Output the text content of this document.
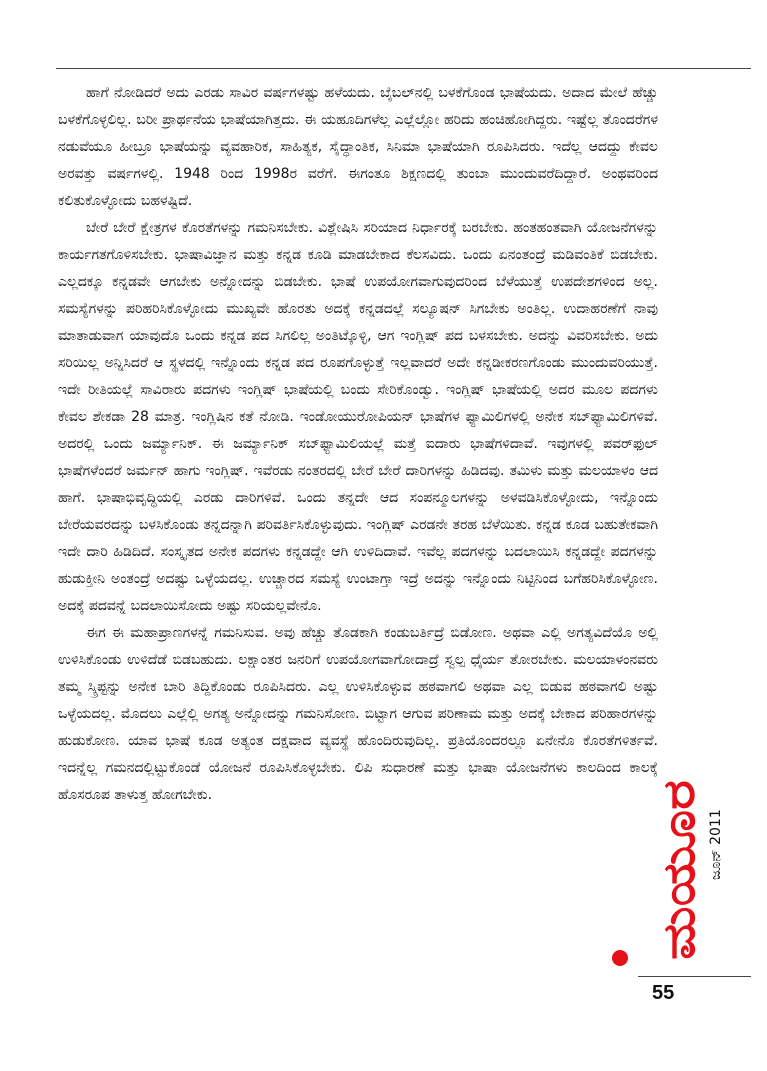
ಹಾಗೆ ನೋಡಿದರೆ ಅದು ಎರಡು ಸಾವಿರ ವರ್ಷಗಳಷ್ಟು ಹಳೆಯದು. ಬೈಬಲ್‌ನಲ್ಲಿ ಬಳಕೆಗೊಂಡ ಭಾಷೆಯದು. ಅದಾದ ಮೇಲೆ ಹೆಚ್ಚು ಬಳಕೆಗೊಳ್ಳಲಿಲ್ಲ. ಬರೀ ಪ್ರಾರ್ಥನೆಯ ಭಾಷೆಯಾಗಿತ್ತದು. ಈ ಯಹೂದಿಗಳೆಲ್ಲ ಎಲ್ಲೆಲ್ಲೋ ಹರಿದು ಹಂಚಿಹೋಗಿದ್ದರು. ಇಷ್ಟೆಲ್ಲ ತೊಂದರೆಗಳ ನಡುವೆಯೂ ಹೀಬ್ರೂ ಭಾಷೆಯನ್ನು ವ್ಯವಹಾರಿಕ, ಸಾಹಿತ್ಯಕ, ಸೈದ್ಧಾಂತಿಕ, ಸಿನಿಮಾ ಭಾಷೆಯಾಗಿ ರೂಪಿಸಿದರು. ಇದೆಲ್ಲ ಆದದ್ದು ಕೇವಲ ಅರವತ್ತು ವರ್ಷಗಳಲ್ಲಿ. 1948 ರಿಂದ 1998ರ ವರೆಗೆ. ಈಗಂತೂ ಶಿಕ್ಷಣದಲ್ಲಿ ತುಂಬಾ ಮುಂದುವರೆದಿದ್ದಾರೆ. ಅಂಥವರಿಂದ ಕಲಿತುಕೊಳ್ಳೋದು ಬಹಳಷ್ಟಿದೆ.

ಬೇರೆ ಬೇರೆ ಕ್ಷೇತ್ರಗಳ ಕೊರತೆಗಳನ್ನು ಗಮನಿಸಬೇಕು. ವಿಶ್ಲೇಷಿಸಿ ಸರಿಯಾದ ನಿರ್ಧಾರಕ್ಕೆ ಬರಬೇಕು. ಹಂತಹಂತವಾಗಿ ಯೋಜನೆಗಳನ್ನು ಕಾರ್ಯಗತಗೊಳಿಸಬೇಕು. ಭಾಷಾವಿಜ್ಞಾನ ಮತ್ತು ಕನ್ನಡ ಕೂಡಿ ಮಾಡಬೇಕಾದ ಕೆಲಸವಿದು. ಒಂದು ಏನಂತಂದ್ರೆ ಮಡಿವಂತಿಕೆ ಬಿಡಬೇಕು. ಎಲ್ಲದಕ್ಕೂ ಕನ್ನಡವೇ ಆಗಬೇಕು ಅನ್ನೋದನ್ನು ಬಿಡಬೇಕು. ಭಾಷೆ ಉಪಯೋಗವಾಗುವುದರಿಂದ ಬೆಳೆಯುತ್ತೆ ಉಪದೇಶಗಳಿಂದ ಅಲ್ಲ. ಸಮಸ್ಯೆಗಳನ್ನು ಪರಿಹರಿಸಿಕೊಳ್ಳೋದು ಮುಖ್ಯವೇ ಹೊರತು ಅದಕ್ಕೆ ಕನ್ನಡದಲ್ಲೆ ಸಲ್ಯೂಷನ್ ಸಿಗಬೇಕು ಅಂತಿಲ್ಲ. ಉದಾಹರಣೆಗೆ ನಾವು ಮಾತಾಡುವಾಗ ಯಾವುದೊ ಒಂದು ಕನ್ನಡ ಪದ ಸಿಗಲಿಲ್ಲ ಅಂತಿಟ್ಕೊಳ್ಳಿ, ಆಗ ಇಂಗ್ಲಿಷ್ ಪದ ಬಳಸಬೇಕು. ಅದನ್ನು ವಿವರಿಸಬೇಕು. ಅದು ಸರಿಯಿಲ್ಲ ಅನ್ನಿಸಿದರೆ ಆ ಸ್ಥಳದಲ್ಲಿ ಇನ್ನೊಂದು ಕನ್ನಡ ಪದ ರೂಪಗೊಳ್ಳುತ್ತೆ ಇಲ್ಲವಾದರೆ ಅದೇ ಕನ್ನಡೀಕರಣಗೊಂಡು ಮುಂದುವರಿಯುತ್ತೆ. ಇದೇ ರೀತಿಯಲ್ಲೆ ಸಾವಿರಾರು ಪದಗಳು ಇಂಗ್ಲಿಷ್ ಭಾಷೆಯಲ್ಲಿ ಬಂದು ಸೇರಿಕೊಂಡ್ವು. ಇಂಗ್ಲಿಷ್ ಭಾಷೆಯಲ್ಲಿ ಅದರ ಮೂಲ ಪದಗಳು ಕೇವಲ ಶೇಕಡಾ 28 ಮಾತ್ರ. ಇಂಗ್ಲಿಷಿನ ಕತೆ ನೋಡಿ. ಇಂಡೋಯುರೋಪಿಯನ್ ಭಾಷೆಗಳ ಫ್ಯಾಮಿಲಿಗಳಲ್ಲಿ ಅನೇಕ ಸಬ್‌ಫ್ಯಾಮಿಲಿಗಳಿವೆ. ಅದರಲ್ಲಿ ಒಂದು ಜರ್ಮ್ಯಾನಿಕ್. ಈ ಜರ್ಮ್ಯಾನಿಕ್ ಸಬ್‌ಫ್ಯಾಮಿಲಿಯಲ್ಲೆ ಮತ್ತೆ ಐದಾರು ಭಾಷೆಗಳಿದಾವೆ. ಇವುಗಳಲ್ಲಿ ಪವರ್‌ಫುಲ್ ಭಾಷೆಗಳೆಂದರೆ ಜರ್ಮನ್ ಹಾಗು ಇಂಗ್ಲಿಷ್. ಇವೆರಡು ನಂತರದಲ್ಲಿ ಬೇರೆ ಬೇರೆ ದಾರಿಗಳನ್ನು ಹಿಡಿದವು. ತಮಿಳು ಮತ್ತು ಮಲಯಾಳಂ ಆದ ಹಾಗೆ. ಭಾಷಾಭಿವೃದ್ಧಿಯಲ್ಲಿ ಎರಡು ದಾರಿಗಳಿವೆ. ಒಂದು ತನ್ನದೇ ಆದ ಸಂಪನ್ಮೂಲಗಳನ್ನು ಅಳವಡಿಸಿಕೊಳ್ಳೋದು, ಇನ್ನೊಂದು ಬೇರೆಯವರದನ್ನು ಬಳಸಿಕೊಂಡು ತನ್ನದನ್ನಾಗಿ ಪರಿವರ್ತಿಸಿಕೊಳ್ಳುವುದು. ಇಂಗ್ಲಿಷ್ ಎರಡನೇ ತರಹ ಬೆಳೆಯಿತು. ಕನ್ನಡ ಕೂಡ ಬಹುತೇಕವಾಗಿ ಇದೇ ದಾರಿ ಹಿಡಿದಿದೆ. ಸಂಸ್ಕೃತದ ಅನೇಕ ಪದಗಳು ಕನ್ನಡದ್ದೇ ಆಗಿ ಉಳಿದಿದಾವೆ. ಇವೆಲ್ಲ ಪದಗಳನ್ನು ಬದಲಾಯಿಸಿ ಕನ್ನಡದ್ದೇ ಪದಗಳನ್ನು ಹುಡುಕ್ತೀನಿ ಅಂತಂದ್ರೆ ಅದಷ್ಟು ಒಳ್ಳೆಯದಲ್ಲ. ಉಚ್ಚಾರದ ಸಮಸ್ಯೆ ಉಂಟಾಗ್ತಾ ಇದ್ರೆ ಅದನ್ನು ಇನ್ನೊಂದು ನಿಟ್ಟಿನಿಂದ ಬಗೆಹರಿಸಿಕೊಳ್ಳೋಣ. ಅದಕ್ಕೆ ಪದವನ್ನೆ ಬದಲಾಯಿಸೋದು ಅಷ್ಟು ಸರಿಯಲ್ಲವೇನೊ.

ಈಗ ಈ ಮಹಾಪ್ರಾಣಗಳನ್ನೆ ಗಮನಿಸುವ. ಅವು ಹೆಚ್ಚು ತೊಡಕಾಗಿ ಕಂಡುಬರ್ತಿದ್ರೆ ಬಿಡೋಣ. ಅಥವಾ ಎಲ್ಲಿ ಅಗತ್ಯವಿದೆಯೊ ಅಲ್ಲಿ ಉಳಿಸಿಕೊಂಡು ಉಳಿದೆಡೆ ಬಿಡಬಹುದು. ಲಕ್ಷಾಂತರ ಜನರಿಗೆ ಉಪಯೋಗವಾಗೋದಾದ್ರೆ ಸ್ವಲ್ಪ ಧೈರ್ಯ ತೋರಬೇಕು. ಮಲಯಾಳಂನವರು ತಮ್ಮ ಸ್ಕ್ರಿಪ್ಟನ್ನು ಅನೇಕ ಬಾರಿ ತಿದ್ದಿಕೊಂಡು ರೂಪಿಸಿದರು. ಎಲ್ಲ ಉಳಿಸಿಕೊಳ್ಳುವ ಹಠವಾಗಲಿ ಅಥವಾ ಎಲ್ಲ ಬಿಡುವ ಹಠವಾಗಲಿ ಅಷ್ಟು ಒಳ್ಳೆಯದಲ್ಲ. ಮೊದಲು ಎಲ್ಲೆಲ್ಲಿ ಅಗತ್ಯ ಅನ್ನೋದನ್ನು ಗಮನಿಸೋಣ. ಬಿಟ್ಟಾಗ ಆಗುವ ಪರಿಣಾಮ ಮತ್ತು ಅದಕ್ಕೆ ಬೇಕಾದ ಪರಿಹಾರಗಳನ್ನು ಹುಡುಕೋಣ. ಯಾವ ಭಾಷೆ ಕೂಡ ಅತ್ಯಂತ ದಕ್ಷವಾದ ವ್ಯವಸ್ಥೆ ಹೊಂದಿರುವುದಿಲ್ಲ. ಪ್ರತಿಯೊಂದರಲ್ಲೂ ಏನೇನೊ ಕೊರತೆಗಳಿರ್ತವೆ. ಇದನ್ನೆಲ್ಲ ಗಮನದಲ್ಲಿಟ್ಟುಕೊಂಡೆ ಯೋಜನೆ ರೂಪಿಸಿಕೊಳ್ಳಬೇಕು. ಲಿಪಿ ಸುಧಾರಣೆ ಮತ್ತು ಭಾಷಾ ಯೋಜನೆಗಳು ಕಾಲದಿಂದ ಕಾಲಕ್ಕೆ ಹೊಸರೂಪ ತಾಳುತ್ತ ಹೋಗಬೇಕು.

ಮಯೂರ ಜೂನ್ 2011
55
